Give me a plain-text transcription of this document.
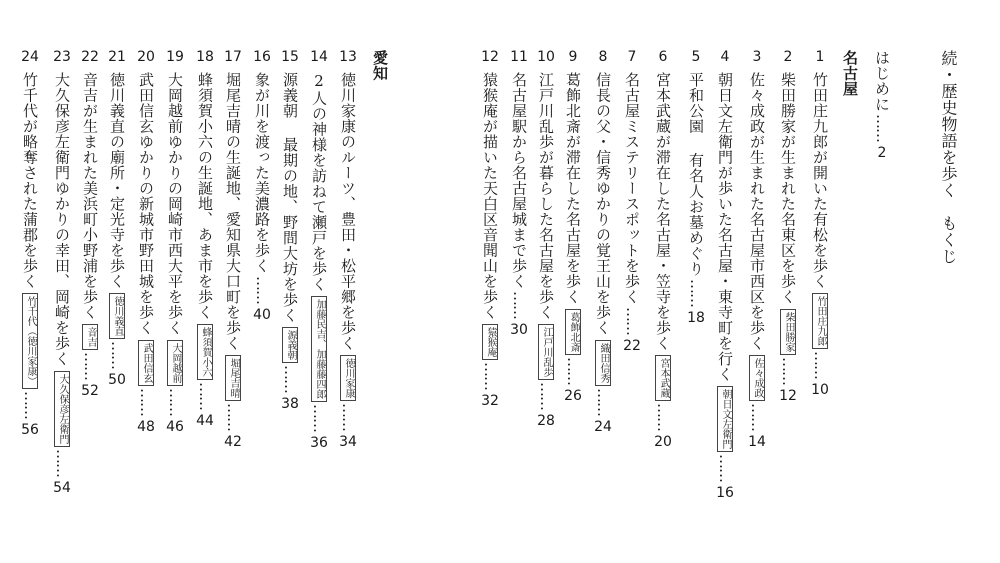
続・歴史物語を歩く　もくじ
はじめに
……
2
名古屋
愛知	1
竹田庄九郎が開いた有松を歩く
竹田庄九郎
……
10
2
柴田勝家が生まれた名東区を歩く
柴田勝家
……
12
3
佐々成政が生まれた名古屋市西区を歩く
佐々成政
……
14
4
朝日文左衛門が歩いた名古屋・東寺町を行く
朝日文左衛門
……
16
5
平和公園 有名人お墓めぐり
……
18
6
宮本武蔵が滞在した名古屋・笠寺を歩く
宮本武蔵
……
20
7
名古屋ミステリースポットを歩く
……
22
8
信長の父・信秀ゆかりの覚王山を歩く
織田信秀
……
24
9
葛飾北斎が滞在した名古屋を歩く
葛飾北斎
……
26
10
江戸川乱歩が暮らした名古屋を歩く
江戸川乱歩
……
28
11
名古屋駅から名古屋城まで歩く
……
30
12
猿猴庵が描いた天白区音聞山を歩く
猿猴庵
……
32
13
徳川家康のルーツ、豊田・松平郷を歩く
徳川家康
……
34
14
2人の神様を訪ねて瀬戸を歩く
加藤民吉、加藤藤四郎
……
36
15
源義朝 最期の地、野間大坊を歩く
源義朝
……
38
16
象が川を渡った美濃路を歩く
……
40
17
堀尾吉晴の生誕地、愛知県大口町を歩く
堀尾吉晴
……
42
18
蜂須賀小六の生誕地、あま市を歩く
蜂須賀小六
……
44
19
大岡越前ゆかりの岡崎市西大平を歩く
大岡越前
……
46
20
武田信玄ゆかりの新城市野田城を歩く
武田信玄
……
48
21
徳川義直の廟所・定光寺を歩く
徳川義直
……
50
22
音吉が生まれた美浜町小野浦を歩く
音吉
……
52
23
大久保彦左衛門ゆかりの幸田、岡崎を歩く
大久保彦左衛門
……
54
24
竹千代が略奪された蒲郡を歩く
竹千代（徳川家康）
……
56
